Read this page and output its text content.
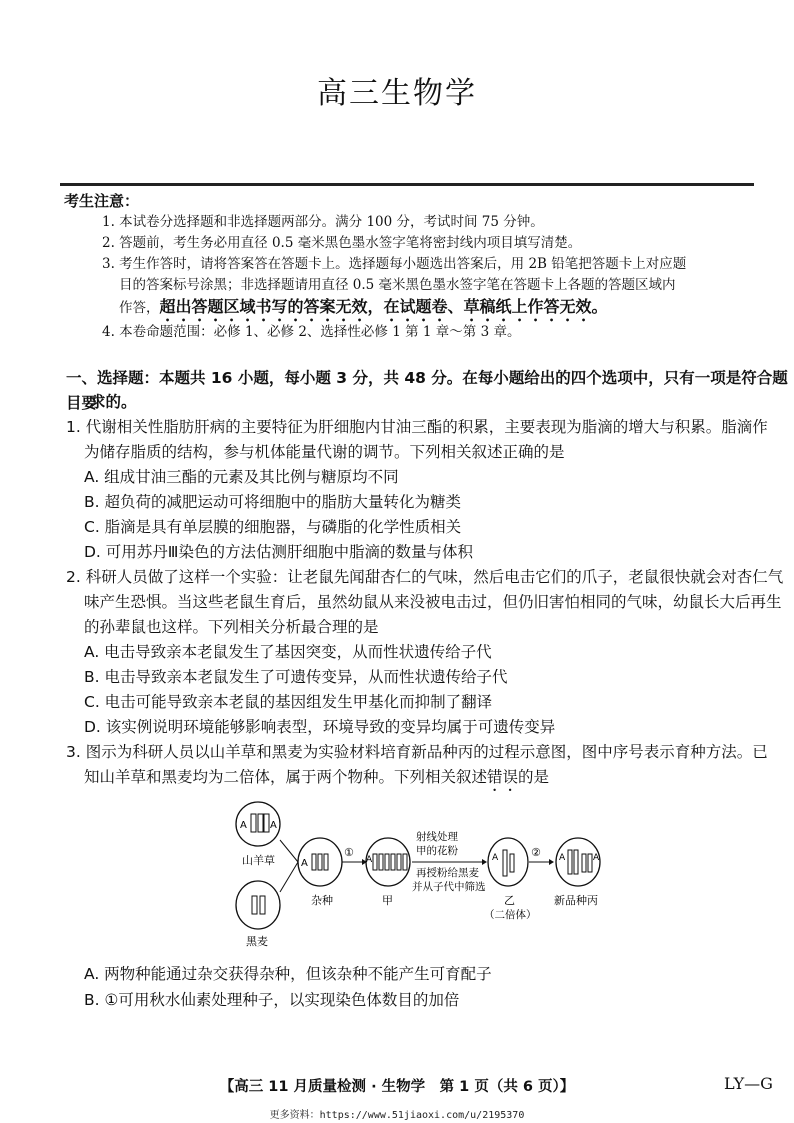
高三生物学
考生注意：
1. 本试卷分选择题和非选择题两部分。满分 100 分，考试时间 75 分钟。
2. 答题前，考生务必用直径 0.5 毫米黑色墨水签字笔将密封线内项目填写清楚。
3. 考生作答时，请将答案答在答题卡上。选择题每小题选出答案后，用 2B 铅笔把答题卡上对应题
目的答案标号涂黑；非选择题请用直径 0.5 毫米黑色墨水签字笔在答题卡上各题的答题区域内
作答，超出答题区域书写的答案无效，在试题卷、草稿纸上作答无效。
4. 本卷命题范围：必修 1、必修 2、选择性必修 1 第 1 章～第 3 章。
一、选择题：本题共 16 小题，每小题 3 分，共 48 分。在每小题给出的四个选项中，只有一项是符合题目要
求的。
1. 代谢相关性脂肪肝病的主要特征为肝细胞内甘油三酯的积累，主要表现为脂滴的增大与积累。脂滴作
为储存脂质的结构，参与机体能量代谢的调节。下列相关叙述正确的是
A. 组成甘油三酯的元素及其比例与糖原均不同
B. 超负荷的减肥运动可将细胞中的脂肪大量转化为糖类
C. 脂滴是具有单层膜的细胞器，与磷脂的化学性质相关
D. 可用苏丹Ⅲ染色的方法估测肝细胞中脂滴的数量与体积
2. 科研人员做了这样一个实验：让老鼠先闻甜杏仁的气味，然后电击它们的爪子，老鼠很快就会对杏仁气
味产生恐惧。当这些老鼠生育后，虽然幼鼠从来没被电击过，但仍旧害怕相同的气味，幼鼠长大后再生
的孙辈鼠也这样。下列相关分析最合理的是
A. 电击导致亲本老鼠发生了基因突变，从而性状遗传给子代
B. 电击导致亲本老鼠发生了可遗传变异，从而性状遗传给子代
C. 电击可能导致亲本老鼠的基因组发生甲基化而抑制了翻译
D. 该实例说明环境能够影响表型，环境导致的变异均属于可遗传变异
3. 图示为科研人员以山羊草和黑麦为实验材料培育新品种丙的过程示意图，图中序号表示育种方法。已
知山羊草和黑麦均为二倍体，属于两个物种。下列相关叙述错误的是
A A
山羊草
黑麦
A
杂种
①
A
甲
射线处理
甲的花粉
再授粉给黑麦
并从子代中筛选
A
乙
（二倍体）
② A	A
新品种丙
A. 两物种能通过杂交获得杂种，但该杂种不能产生可育配子
B. ①可用秋水仙素处理种子，以实现染色体数目的加倍
【高三 11 月质量检测 · 生物学　第 1 页（共 6 页）】	LY—G
更多资料：https://www.51jiaoxi.com/u/2195370
